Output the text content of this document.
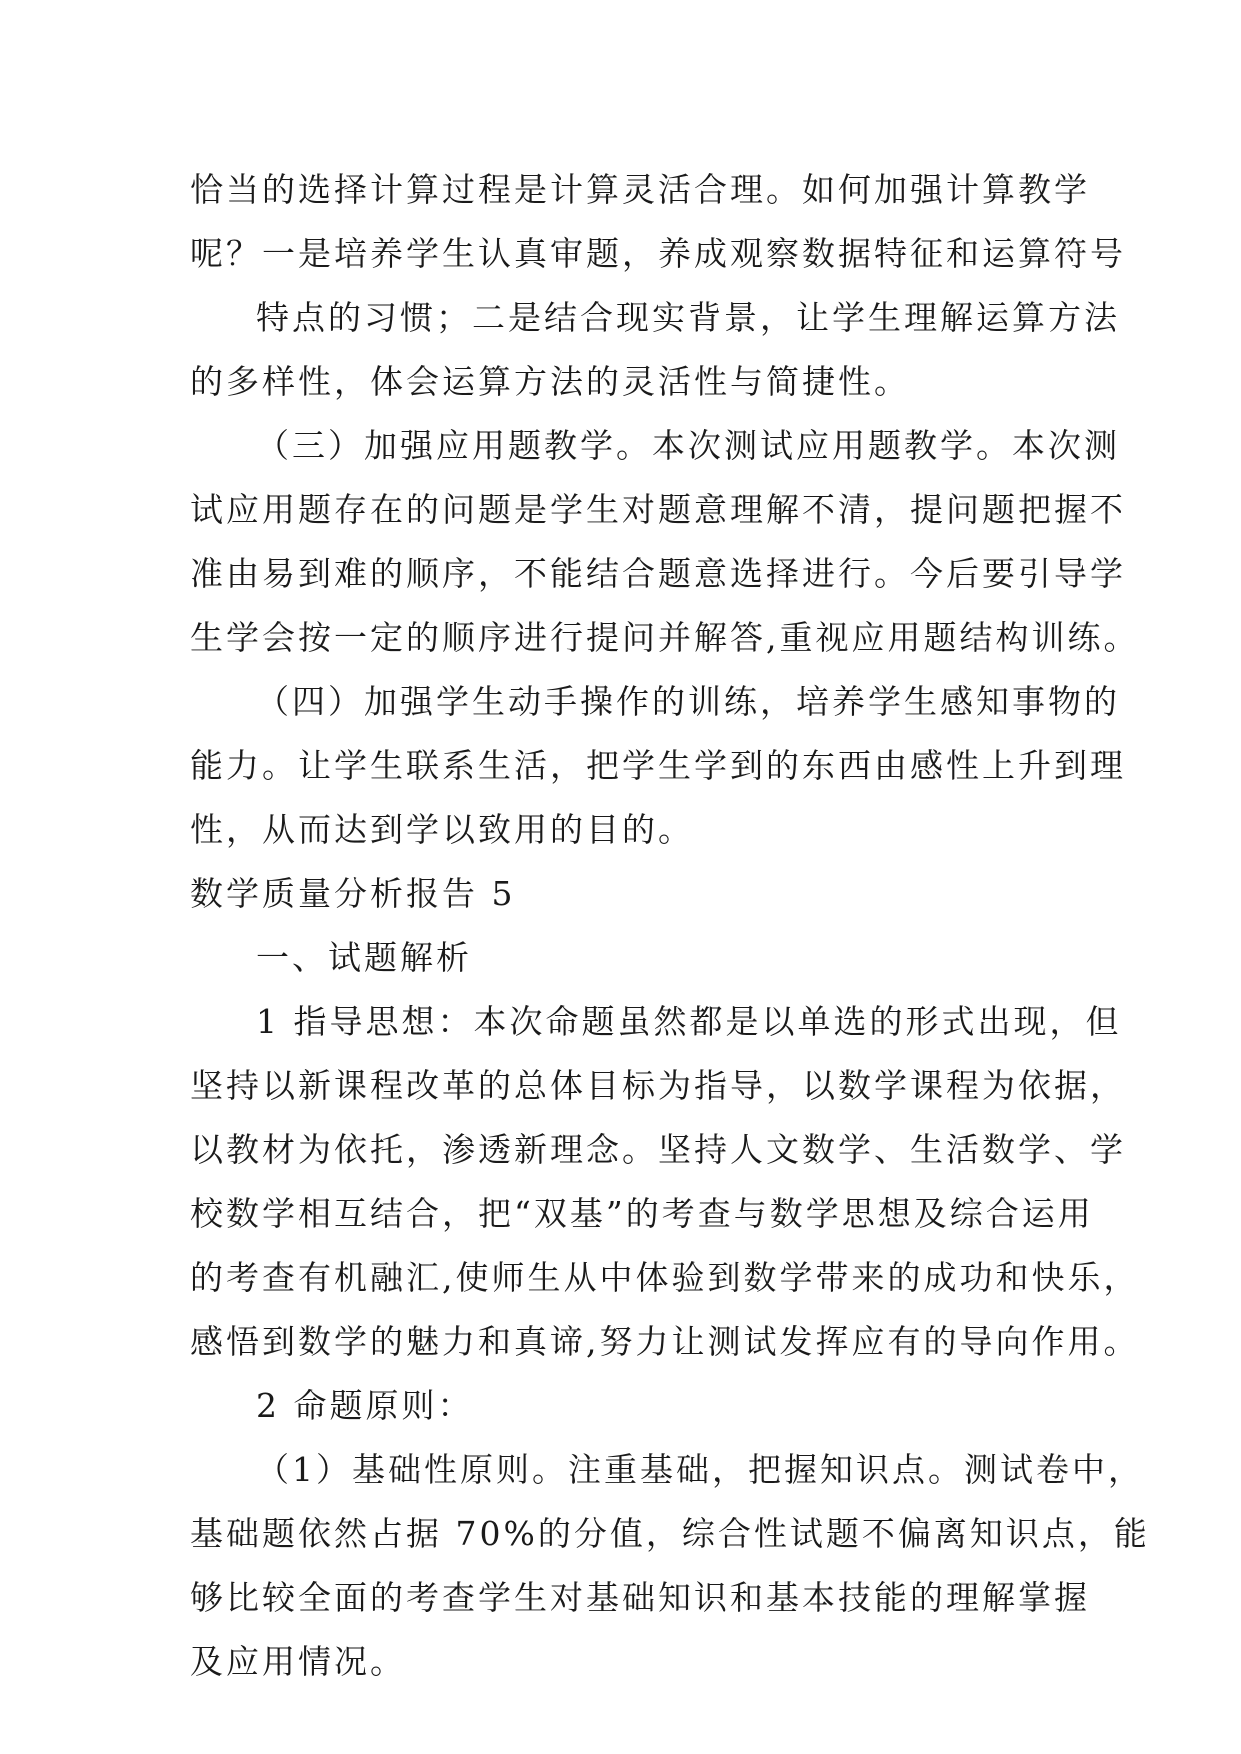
恰当的选择计算过程是计算灵活合理。如何加强计算教学
呢？一是培养学生认真审题，养成观察数据特征和运算符号
特点的习惯；二是结合现实背景，让学生理解运算方法
的多样性，体会运算方法的灵活性与简捷性。
（三）加强应用题教学。本次测试应用题教学。本次测
试应用题存在的问题是学生对题意理解不清，提问题把握不
准由易到难的顺序，不能结合题意选择进行。今后要引导学
生学会按一定的顺序进行提问并解答,重视应用题结构训练。
（四）加强学生动手操作的训练，培养学生感知事物的
能力。让学生联系生活，把学生学到的东西由感性上升到理
性，从而达到学以致用的目的。
数学质量分析报告 5
一、试题解析
1 指导思想：本次命题虽然都是以单选的形式出现，但
坚持以新课程改革的总体目标为指导，以数学课程为依据，
以教材为依托，渗透新理念。坚持人文数学、生活数学、学
校数学相互结合，把“双基”的考查与数学思想及综合运用
的考查有机融汇,使师生从中体验到数学带来的成功和快乐，
感悟到数学的魅力和真谛,努力让测试发挥应有的导向作用。
2 命题原则：
（1）基础性原则。注重基础，把握知识点。测试卷中，
基础题依然占据 70%的分值，综合性试题不偏离知识点，能
够比较全面的考查学生对基础知识和基本技能的理解掌握
及应用情况。
